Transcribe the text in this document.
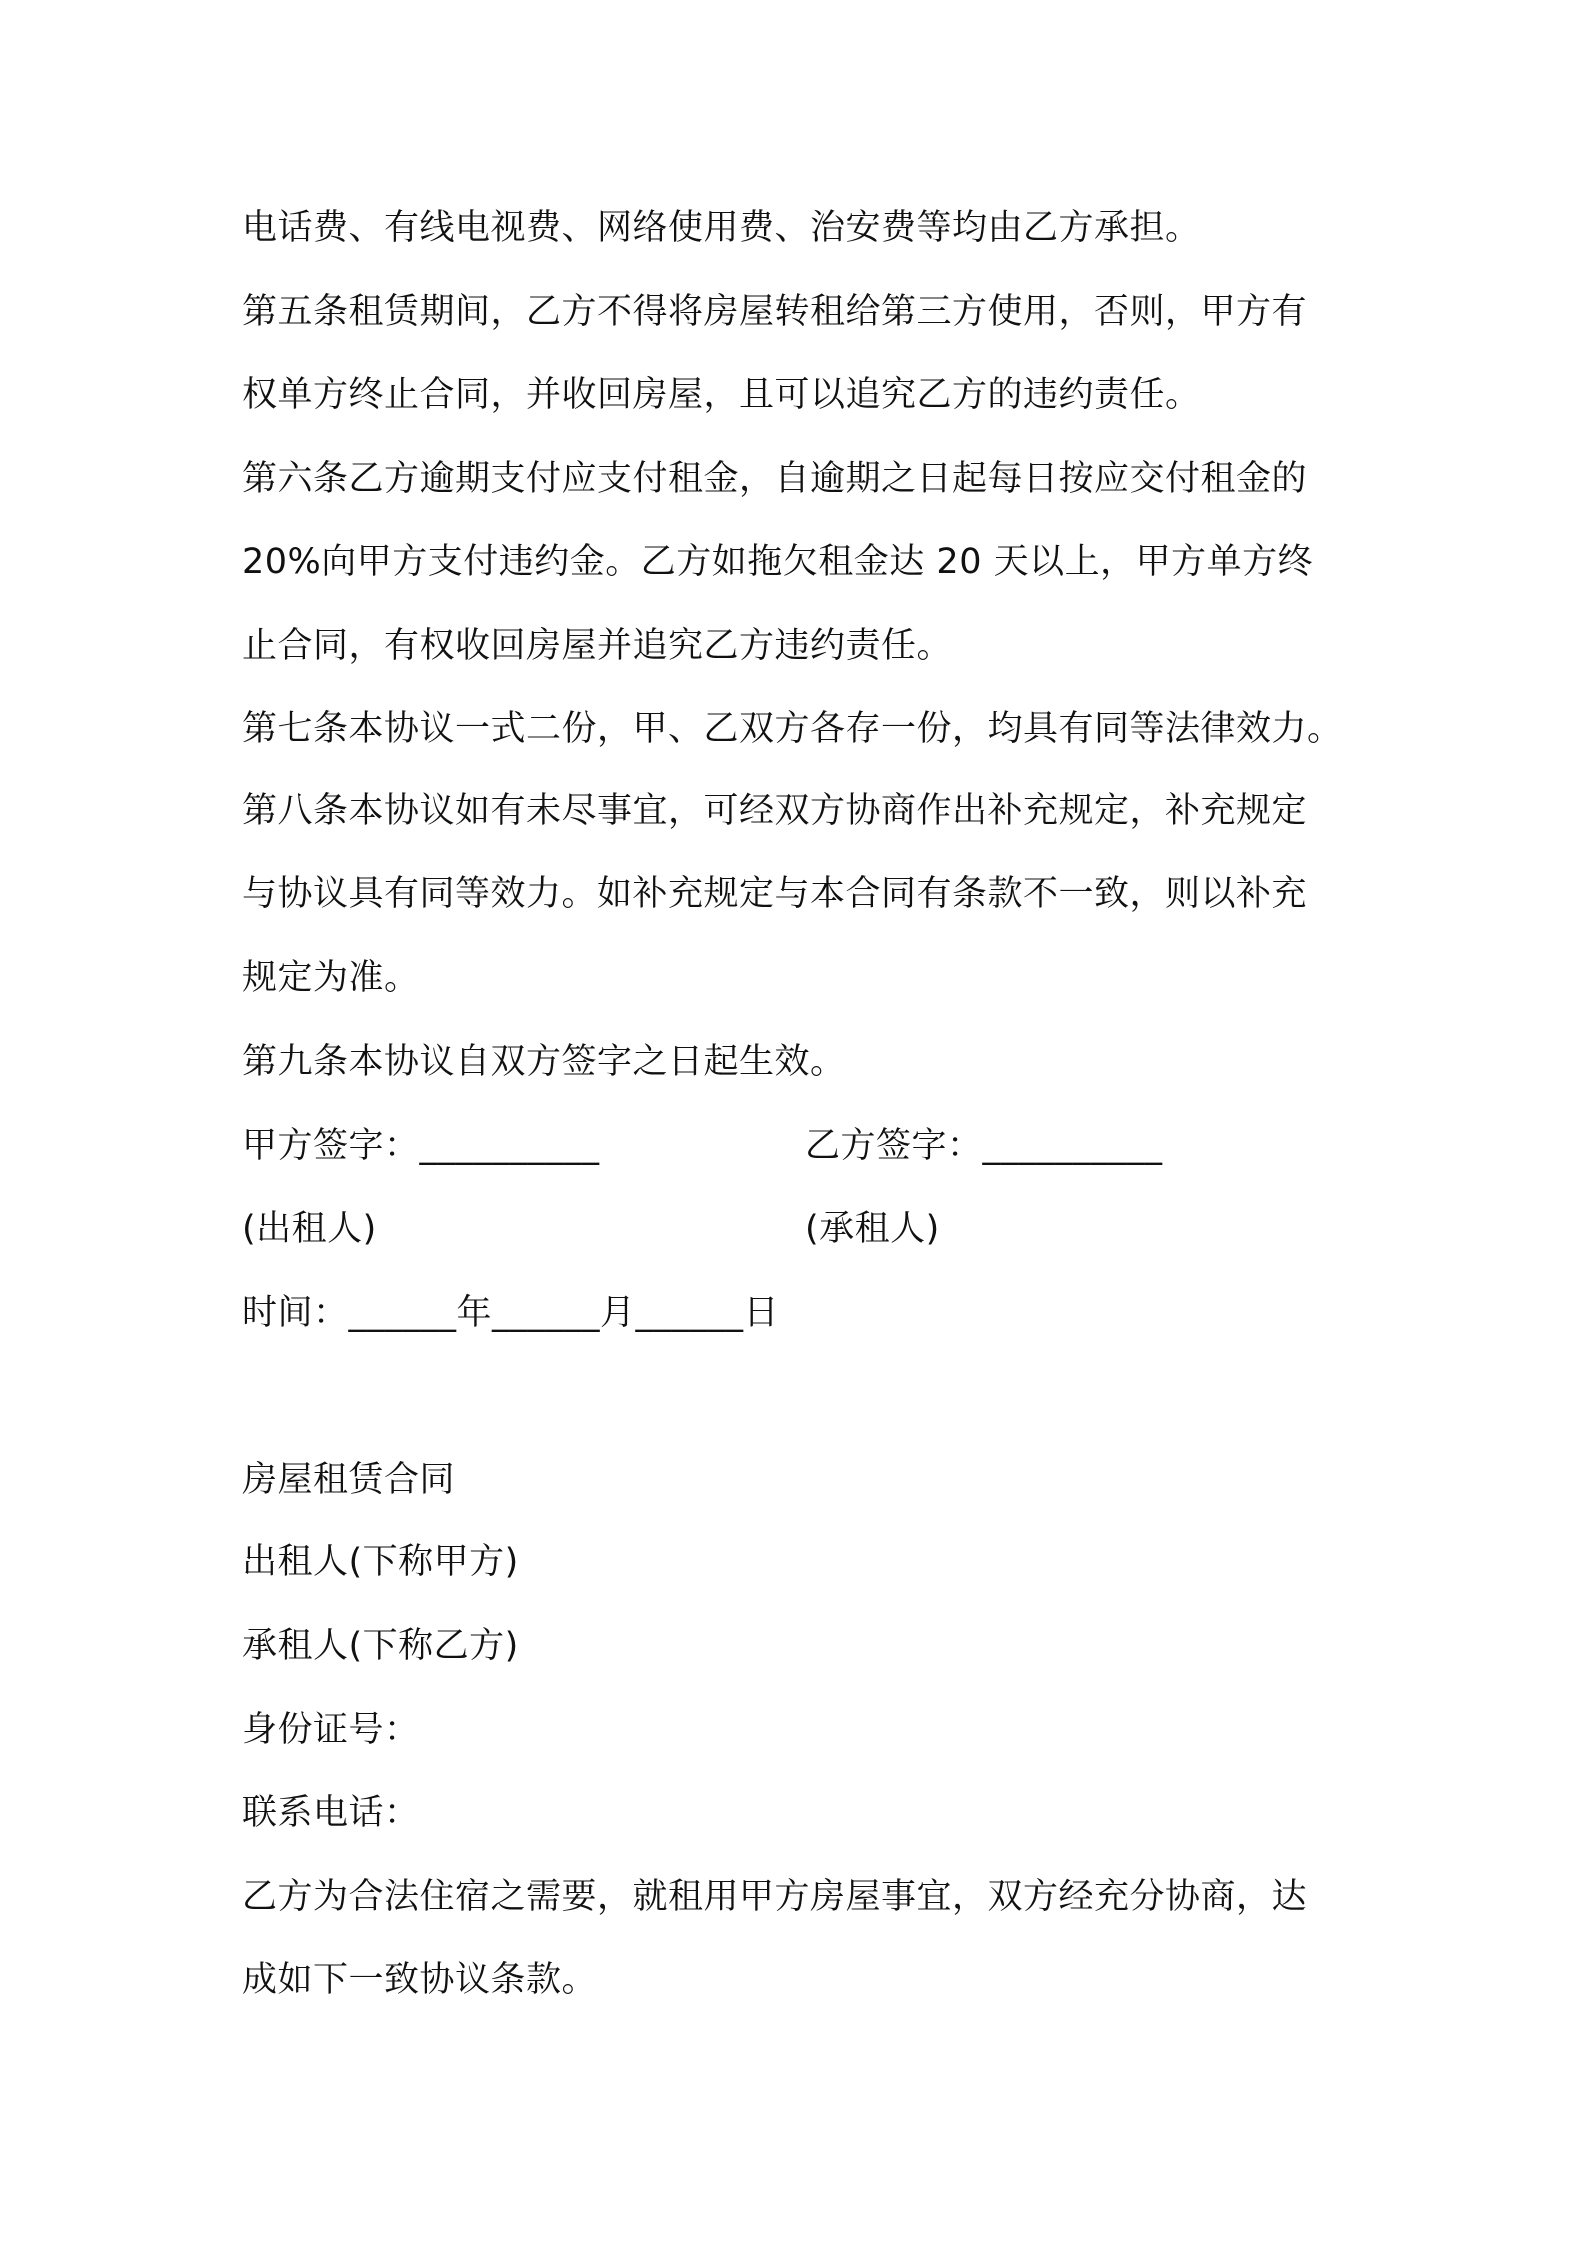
电话费、有线电视费、网络使用费、治安费等均由乙方承担。
第五条租赁期间，乙方不得将房屋转租给第三方使用，否则，甲方有
权单方终止合同，并收回房屋，且可以追究乙方的违约责任。
第六条乙方逾期支付应支付租金，自逾期之日起每日按应交付租金的
20%向甲方支付违约金。乙方如拖欠租金达 20 天以上，甲方单方终
止合同，有权收回房屋并追究乙方违约责任。
第七条本协议一式二份，甲、乙双方各存一份，均具有同等法律效力。
第八条本协议如有未尽事宜，可经双方协商作出补充规定，补充规定
与协议具有同等效力。如补充规定与本合同有条款不一致，则以补充
规定为准。
第九条本协议自双方签字之日起生效。
甲方签字：__________	乙方签字：__________
(出租人)	(承租人)
时间：______年______月______日
房屋租赁合同
出租人(下称甲方)
承租人(下称乙方)
身份证号：
联系电话：
乙方为合法住宿之需要，就租用甲方房屋事宜，双方经充分协商，达
成如下一致协议条款。
